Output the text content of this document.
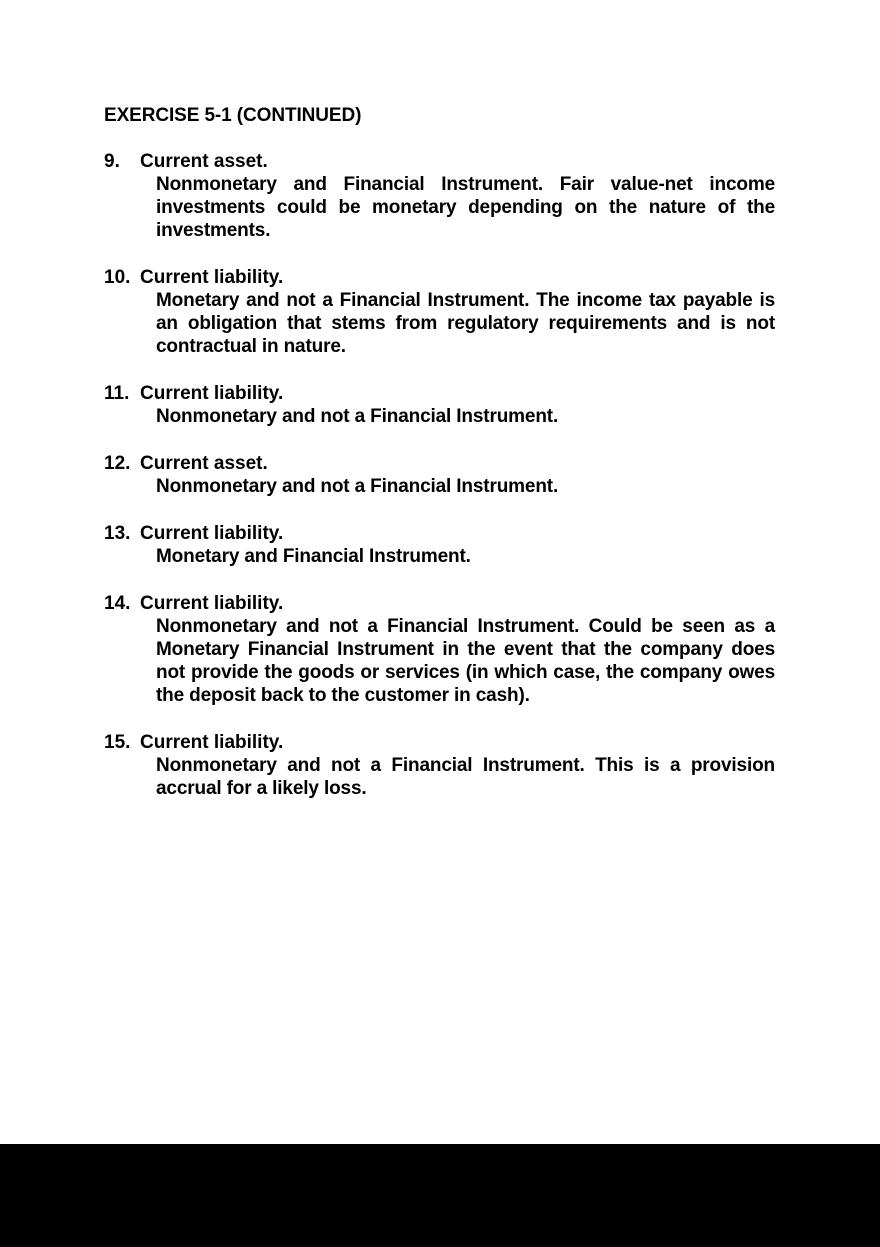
EXERCISE 5-1 (CONTINUED)
9.	Current asset.
Nonmonetary and Financial Instrument. Fair value-net income investments could be monetary depending on the nature of the investments.
10. Current liability.
Monetary and not a Financial Instrument. The income tax payable is an obligation that stems from regulatory requirements and is not contractual in nature.
11. Current liability.
Nonmonetary and not a Financial Instrument.
12. Current asset.
Nonmonetary and not a Financial Instrument.
13. Current liability.
Monetary and Financial Instrument.
14. Current liability.
Nonmonetary and not a Financial Instrument. Could be seen as a Monetary Financial Instrument in the event that the company does not provide the goods or services (in which case, the company owes the deposit back to the customer in cash).
15. Current liability.
Nonmonetary and not a Financial Instrument. This is a provision accrual for a likely loss.
